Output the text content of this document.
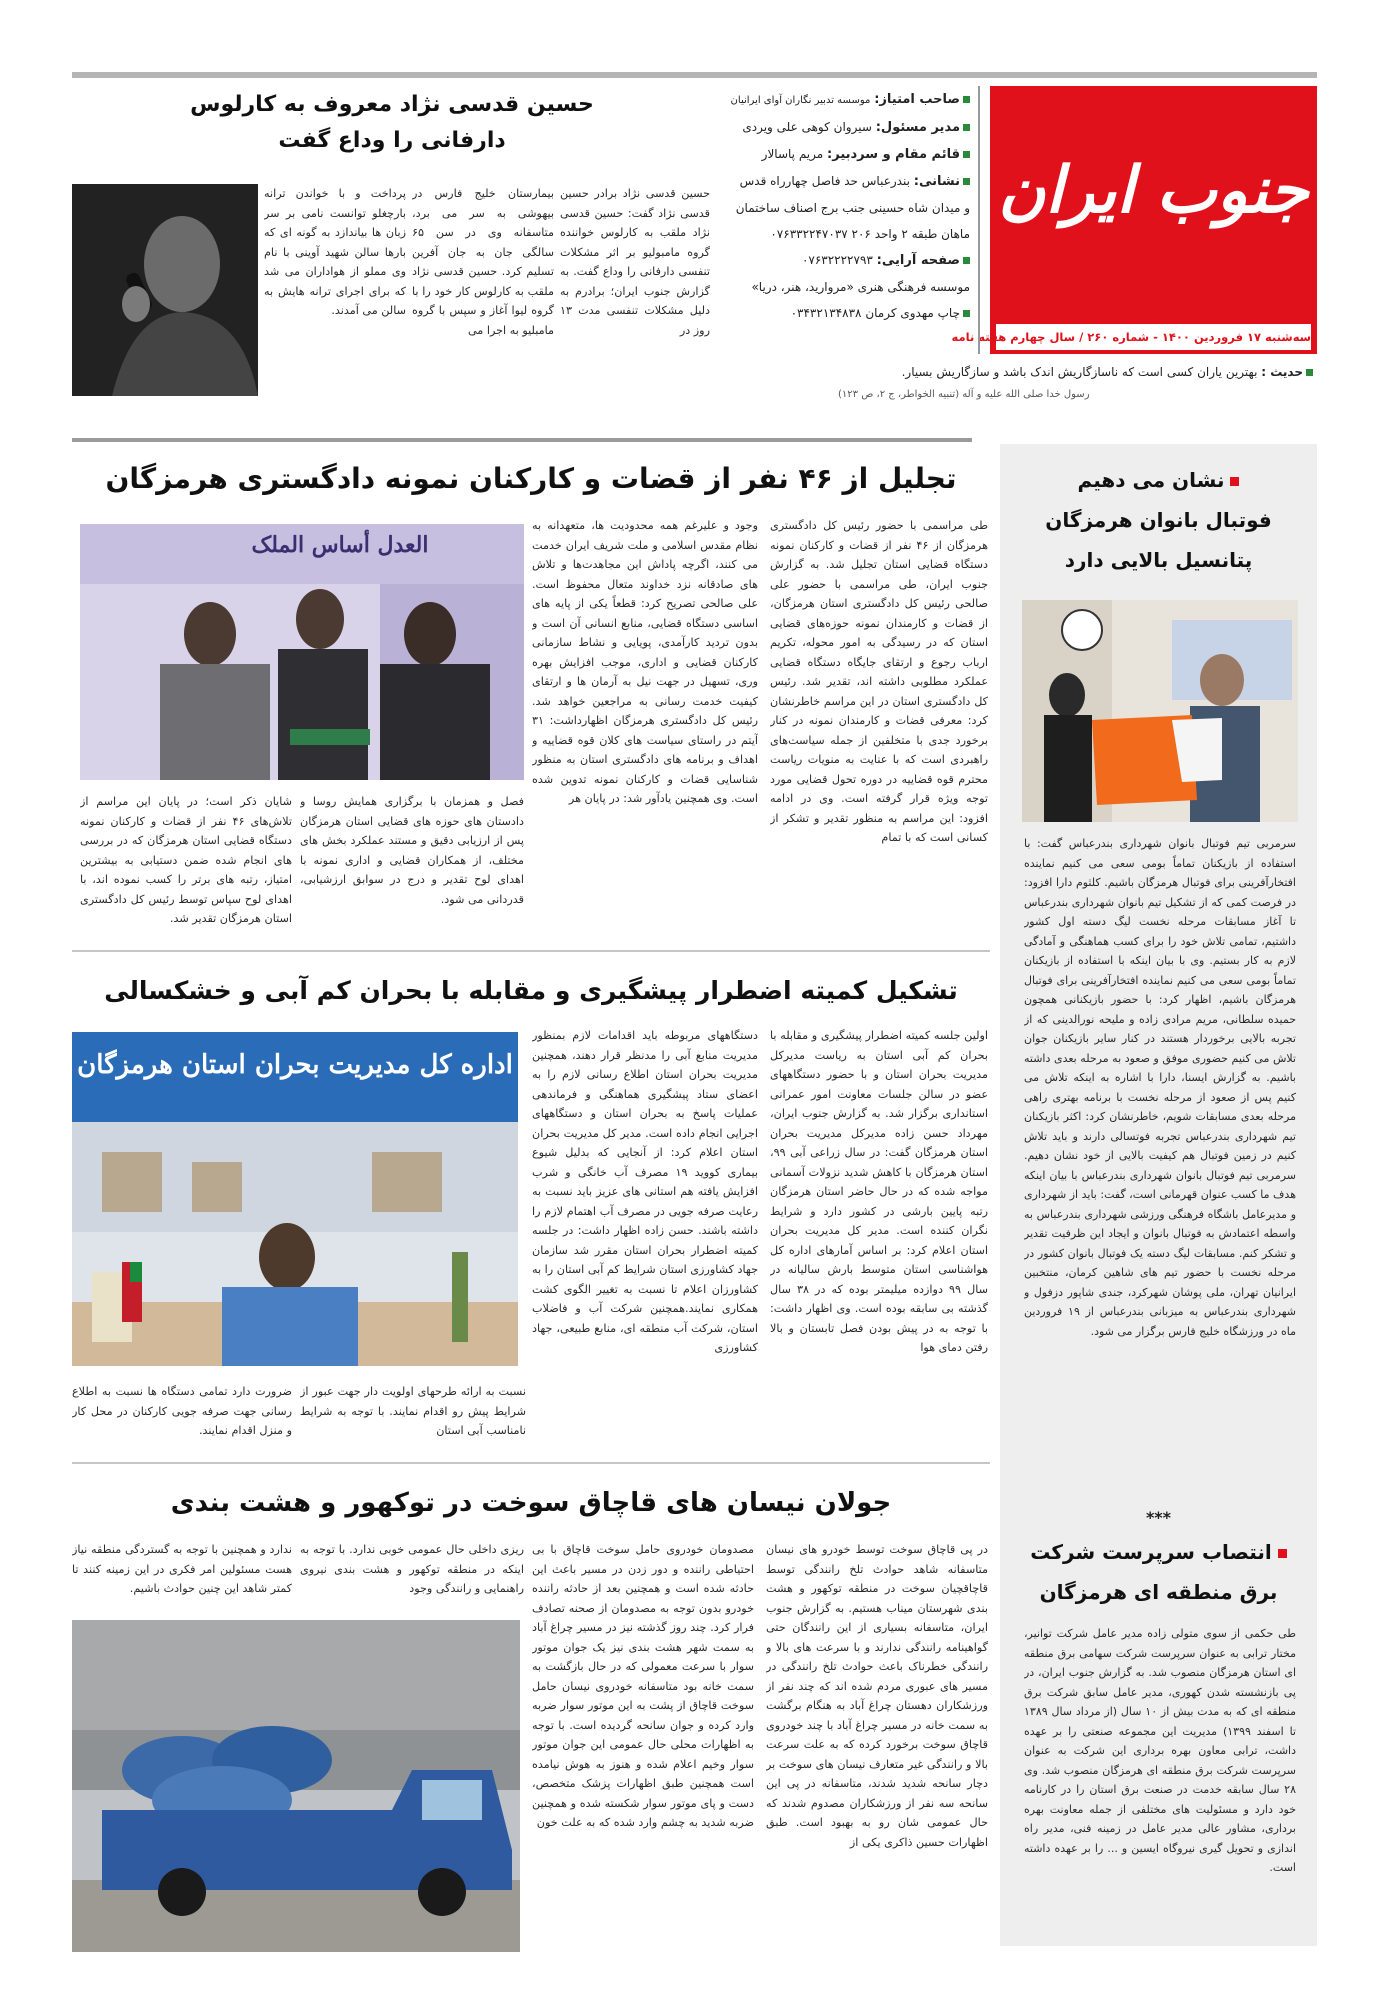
جنوب ایران
سه‌شنبه ۱۷ فروردین ۱۴۰۰ - شماره ۲۶۰ / سال چهارم هفته نامه
صاحب امتیاز: موسسه تدبیر نگاران آوای ایرانیان
مدیر مسئول: سیروان کوهی علی ویردی
قائم مقام و سردبیر: مریم پاسالار
نشانی: بندرعباس حد فاصل چهارراه قدس
و میدان شاه حسینی جنب برج اصناف ساختمان
ماهان طبقه ۲ واحد ۲۰۶ ۰۷۶۳۳۲۲۴۷۰۳۷
صفحه آرایی: ۰۷۶۳۲۲۲۲۷۹۳
موسسه فرهنگی هنری «مروارید، هنر، دریا»
چاپ مهدوی کرمان ۰۳۴۳۲۱۳۴۸۳۸
حدیث : بهترین یاران کسی است که ناسازگاریش اندک باشد و سازگاریش بسیار.
رسول خدا صلی الله علیه و آله (تنبیه الخواطر، ج ۲، ص ۱۲۳)
حسین قدسی نژاد معروف به کارلوس
دارفانی را وداع گفت
حسین قدسی نژاد برادر حسین قدسی نژاد گفت: حسین قدسی نژاد ملقب به کارلوس خواننده گروه مامبولیو بر اثر مشکلات تنفسی دارفانی را وداع گفت. به گزارش جنوب ایران؛ برادرم به دلیل مشکلات تنفسی مدت ۱۳ روز در
بیمارستان خلیج فارس در بیهوشی به سر می برد، متاسفانه وی در سن ۶۵ سالگی جان به جان آفرین تسلیم کرد. حسین قدسی نژاد ملقب به کارلوس کار خود را با گروه لیوا آغاز و سپس با گروه مامبلیو به اجرا می
پرداخت و با خواندن ترانه بارچغلو توانست نامی بر سر زبان ها بیاندازد به گونه ای که بارها سالن شهید آوینی با نام وی مملو از هواداران می شد که برای اجرای ترانه هایش به سالن می آمدند.
نشان می دهیم
فوتبال بانوان هرمزگان
پتانسیل بالایی دارد
سرمربی تیم فوتبال بانوان شهرداری بندرعباس گفت: با استفاده از بازیکنان تماماً بومی سعی می کنیم نماینده افتخارآفرینی برای فوتبال هرمزگان باشیم. کلثوم دارا افزود: در فرصت کمی که از تشکیل تیم بانوان شهرداری بندرعباس تا آغاز مسابقات مرحله نخست لیگ دسته اول کشور داشتیم، تمامی تلاش خود را برای کسب هماهنگی و آمادگی لازم به کار بستیم. وی با بیان اینکه با استفاده از بازیکنان تماماً بومی سعی می کنیم نماینده افتخارآفرینی برای فوتبال هرمزگان باشیم، اظهار کرد: با حضور بازیکنانی همچون حمیده سلطانی، مریم مرادی زاده و ملیحه نورالدینی که از تجربه بالایی برخوردار هستند در کنار سایر بازیکنان جوان تلاش می کنیم حضوری موفق و صعود به مرحله بعدی داشته باشیم. به گزارش ایسنا، دارا با اشاره به اینکه تلاش می کنیم پس از صعود از مرحله نخست با برنامه بهتری راهی مرحله بعدی مسابقات شویم، خاطرنشان کرد: اکثر بازیکنان تیم شهرداری بندرعباس تجربه فوتسالی دارند و باید تلاش کنیم در زمین فوتبال هم کیفیت بالایی از خود نشان دهیم. سرمربی تیم فوتبال بانوان شهرداری بندرعباس با بیان اینکه هدف ما کسب عنوان قهرمانی است، گفت: باید از شهرداری و مدیرعامل باشگاه فرهنگی ورزشی شهرداری بندرعباس به واسطه اعتمادش به فوتبال بانوان و ایجاد این ظرفیت تقدیر و تشکر کنم. مسابقات لیگ دسته یک فوتبال بانوان کشور در مرحله نخست با حضور تیم های شاهین کرمان، منتخبین ایرانیان تهران، ملی پوشان شهرکرد، جندی شاپور دزفول و شهرداری بندرعباس به میزبانی بندرعباس از ۱۹ فروردین ماه در ورزشگاه خلیج فارس برگزار می شود.
***
انتصاب سرپرست شرکت
برق منطقه ای هرمزگان
طی حکمی از سوی متولی زاده مدیر عامل شرکت توانیر، مختار ترابی به عنوان سرپرست شرکت سهامی برق منطقه ای استان هرمزگان منصوب شد. به گزارش جنوب ایران، در پی بازنشسته شدن کهوری، مدیر عامل سابق شرکت برق منطقه ای که به مدت بیش از ۱۰ سال (از مرداد سال ۱۳۸۹ تا اسفند ۱۳۹۹) مدیریت این مجموعه صنعتی را بر عهده داشت، ترابی معاون بهره برداری این شرکت به عنوان سرپرست شرکت برق منطقه ای هرمزگان منصوب شد. وی ۲۸ سال سابقه خدمت در صنعت برق استان را در کارنامه خود دارد و مسئولیت های مختلفی از جمله معاونت بهره برداری، مشاور عالی مدیر عامل در زمینه فنی، مدیر راه اندازی و تحویل گیری نیروگاه ایسین و ... را بر عهده داشته است.
تجلیل از ۴۶ نفر از قضات و کارکنان نمونه دادگستری هرمزگان
طی مراسمی با حضور رئیس کل دادگستری هرمزگان از ۴۶ نفر از قضات و کارکنان نمونه دستگاه قضایی استان تجلیل شد. به گزارش جنوب ایران، طی مراسمی با حضور علی صالحی رئیس کل دادگستری استان هرمزگان، از قضات و کارمندان نمونه حوزه‌های قضایی استان که در رسیدگی به امور محوله، تکریم ارباب رجوع و ارتقای جایگاه دستگاه قضایی عملکرد مطلوبی داشته اند، تقدیر شد. رئیس کل دادگستری استان در این مراسم خاطرنشان کرد: معرفی قضات و کارمندان نمونه در کنار برخورد جدی با متخلفین از جمله سیاست‌های راهبردی است که با عنایت به منویات ریاست محترم قوه قضاییه در دوره تحول قضایی مورد توجه ویژه قرار گرفته است. وی در ادامه افزود: این مراسم به منظور تقدیر و تشکر از کسانی است که با تمام
وجود و علیرغم همه محدودیت ها، متعهدانه به نظام مقدس اسلامی و ملت شریف ایران خدمت می کنند، اگرچه پاداش این مجاهدت‌ها و تلاش های صادقانه نزد خداوند متعال محفوظ است. علی صالحی تصریح کرد: قطعاً یکی از پایه های اساسی دستگاه قضایی، منابع انسانی آن است و بدون تردید کارآمدی، پویایی و نشاط سازمانی کارکنان قضایی و اداری، موجب افزایش بهره وری، تسهیل در جهت نیل به آرمان ها و ارتقای کیفیت خدمت رسانی به مراجعین خواهد شد. رئیس کل دادگستری هرمزگان اظهارداشت: ۳۱ آیتم در راستای سیاست های کلان قوه قضاییه و اهداف و برنامه های دادگستری استان به منظور شناسایی قضات و کارکنان نمونه تدوین شده است. وی همچنین یادآور شد: در پایان هر
العدل أساس الملک
فصل و همزمان با برگزاری همایش روسا و دادستان های حوزه های قضایی استان هرمزگان پس از ارزیابی دقیق و مستند عملکرد بخش های مختلف، از همکاران قضایی و اداری نمونه با اهدای لوح تقدیر و درج در سوابق ارزشیابی، قدردانی می شود.
شایان ذکر است؛ در پایان این مراسم از تلاش‌های ۴۶ نفر از قضات و کارکنان نمونه دستگاه قضایی استان هرمزگان که در بررسی های انجام شده ضمن دستیابی به بیشترین امتیاز، رتبه های برتر را کسب نموده اند، با اهدای لوح سپاس توسط رئیس کل دادگستری استان هرمزگان تقدیر شد.
تشکیل کمیته اضطرار پیشگیری و مقابله با بحران کم آبی و خشکسالی
اولین جلسه کمیته اضطرار پیشگیری و مقابله با بحران کم آبی استان به ریاست مدیرکل مدیریت بحران استان و با حضور دستگاههای عضو در سالن جلسات معاونت امور عمرانی استانداری برگزار شد. به گزارش جنوب ایران، مهرداد حسن زاده مدیرکل مدیریت بحران استان هرمزگان گفت: در سال زراعی آبی ۹۹، استان هرمزگان با کاهش شدید نزولات آسمانی مواجه شده که در حال حاضر استان هرمزگان رتبه پایین بارشی در کشور دارد و شرایط نگران کننده است. مدیر کل مدیریت بحران استان اعلام کرد: بر اساس آمارهای اداره کل هواشناسی استان متوسط بارش سالیانه در سال ۹۹ دوازده میلیمتر بوده که در ۳۸ سال گذشته بی سابقه بوده است. وی اظهار داشت: با توجه به در پیش بودن فصل تابستان و بالا رفتن دمای هوا
دستگاههای مربوطه باید اقدامات لازم بمنظور مدیریت منابع آبی را مدنظر قرار دهند، همچنین مدیریت بحران استان اطلاع رسانی لازم را به اعضای ستاد پیشگیری هماهنگی و فرماندهی عملیات پاسخ به بحران استان و دستگاههای اجرایی انجام داده است. مدیر کل مدیریت بحران استان اعلام کرد: از آنجایی که بدلیل شیوع بیماری کووید ۱۹ مصرف آب خانگی و شرب افزایش یافته هم استانی های عزیز باید نسبت به رعایت صرفه جویی در مصرف آب اهتمام لازم را داشته باشند. حسن زاده اظهار داشت: در جلسه کمیته اضطرار بحران استان مقرر شد سازمان جهاد کشاورزی استان شرایط کم آبی استان را به کشاورزان اعلام تا نسبت به تغییر الگوی کشت همکاری نمایند.همچنین شرکت آب و فاضلاب استان، شرکت آب منطقه ای، منابع طبیعی، جهاد کشاورزی
اداره کل مدیریت بحران استان هرمزگان
نسبت به ارائه طرحهای اولویت دار جهت عبور از شرایط پیش رو اقدام نمایند. با توجه به شرایط نامناسب آبی استان
ضرورت دارد تمامی دستگاه ها نسبت به اطلاع رسانی جهت صرفه جویی کارکنان در محل کار و منزل اقدام نمایند.
جولان نیسان های قاچاق سوخت در توکهور و هشت بندی
در پی قاچاق سوخت توسط خودرو های نیسان متاسفانه شاهد حوادث تلخ رانندگی توسط قاچاقچیان سوخت در منطقه توکهور و هشت بندی شهرستان میناب هستیم. به گزارش جنوب ایران، متاسفانه بسیاری از این رانندگان حتی گواهینامه رانندگی ندارند و با سرعت های بالا و رانندگی خطرناک باعث حوادث تلخ رانندگی در مسیر های عبوری مردم شده اند که چند نفر از ورزشکاران دهستان چراغ آباد به هنگام برگشت به سمت خانه در مسیر چراغ آباد با چند خودروی قاچاق سوخت برخورد کرده که به علت سرعت بالا و رانندگی غیر متعارف نیسان های سوخت بر دچار سانحه شدید شدند، متاسفانه در پی این سانحه سه نفر از ورزشکاران مصدوم شدند که حال عمومی شان رو به بهبود است. طبق اظهارات حسین ذاکری یکی از
مصدومان خودروی حامل سوخت قاچاق با بی احتیاطی راننده و دور زدن در مسیر باعث این حادثه شده است و همچنین بعد از حادثه راننده خودرو بدون توجه به مصدومان از صحنه تصادف فرار کرد. چند روز گذشته نیز در مسیر چراغ آباد به سمت شهر هشت بندی نیز یک جوان موتور سوار با سرعت معمولی که در حال بازگشت به سمت خانه بود متاسفانه خودروی نیسان حامل سوخت قاچاق از پشت به این موتور سوار ضربه وارد کرده و جوان سانحه گردیده است. با توجه به اظهارات محلی حال عمومی این جوان موتور سوار وخیم اعلام شده و هنوز به هوش نیامده است همچنین طبق اظهارات پزشک متخصص، دست و پای موتور سوار شکسته شده و همچنین ضربه شدید به چشم وارد شده که به علت خون
ریزی داخلی حال عمومی خوبی ندارد. با توجه به اینکه در منطقه توکهور و هشت بندی نیروی راهنمایی و رانندگی وجود
ندارد و همچنین با توجه به گستردگی منطقه نیاز هست مسئولین امر فکری در این زمینه کنند تا کمتر شاهد این چنین حوادث باشیم.
